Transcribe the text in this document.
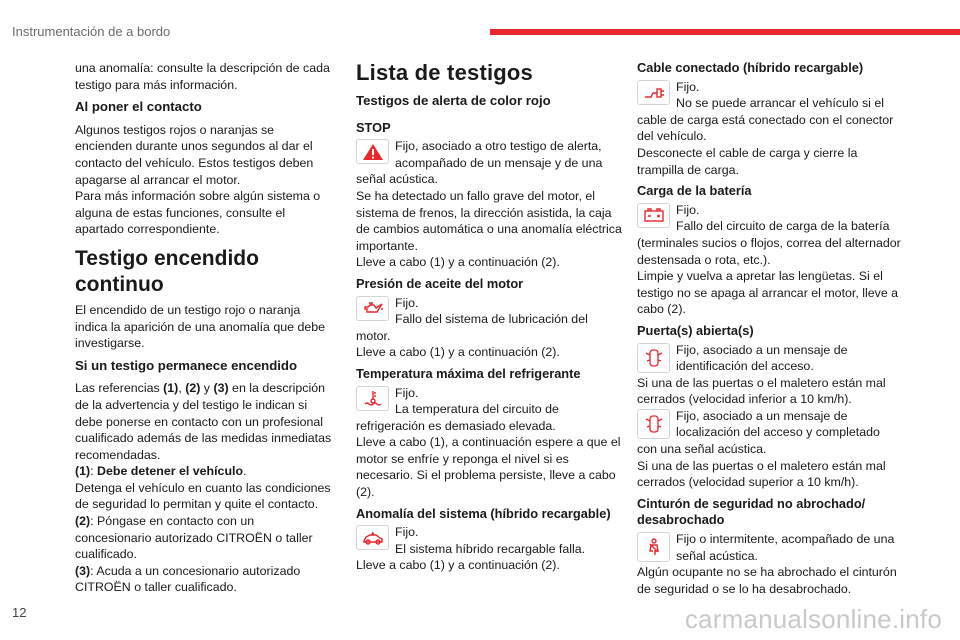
Instrumentación de a bordo

una anomalía: consulte la descripción de cada testigo para más información.

Al poner el contacto

Algunos testigos rojos o naranjas se encienden durante unos segundos al dar el contacto del vehículo. Estos testigos deben apagarse al arrancar el motor.

Para más información sobre algún sistema o alguna de estas funciones, consulte el apartado correspondiente.

Testigo encendido continuo

El encendido de un testigo rojo o naranja indica la aparición de una anomalía que debe investigarse.

Si un testigo permanece encendido

Las referencias (1), (2) y (3) en la descripción de la advertencia y del testigo le indican si debe ponerse en contacto con un profesional cualificado además de las medidas inmediatas recomendadas.

(1): Debe detener el vehículo.

Detenga el vehículo en cuanto las condiciones de seguridad lo permitan y quite el contacto.

(2): Póngase en contacto con un concesionario autorizado CITROËN o taller cualificado.

(3): Acuda a un concesionario autorizado CITROËN o taller cualificado.

Lista de testigos
Testigos de alerta de color rojo
STOP

Fijo, asociado a otro testigo de alerta, acompañado de un mensaje y de una señal acústica.

Se ha detectado un fallo grave del motor, el sistema de frenos, la dirección asistida, la caja de cambios automática o una anomalía eléctrica importante.

Lleve a cabo (1) y a continuación (2).

Presión de aceite del motor

Fijo.

Fallo del sistema de lubricación del motor.

Lleve a cabo (1) y a continuación (2).

Temperatura máxima del refrigerante

Fijo.

La temperatura del circuito de refrigeración es demasiado elevada.

Lleve a cabo (1), a continuación espere a que el motor se enfríe y reponga el nivel si es necesario. Si el problema persiste, lleve a cabo (2).

Anomalía del sistema (híbrido recargable)

Fijo.

El sistema híbrido recargable falla.

Lleve a cabo (1) y a continuación (2).

Cable conectado (híbrido recargable)

Fijo.

No se puede arrancar el vehículo si el cable de carga está conectado con el conector del vehículo.

Desconecte el cable de carga y cierre la trampilla de carga.

Carga de la batería

Fijo.

Fallo del circuito de carga de la batería (terminales sucios o flojos, correa del alternador destensada o rota, etc.).

Limpie y vuelva a apretar las lengüetas. Si el testigo no se apaga al arrancar el motor, lleve a cabo (2).

Puerta(s) abierta(s)

Fijo, asociado a un mensaje de identificación del acceso.

Si una de las puertas o el maletero están mal cerrados (velocidad inferior a 10 km/h).

Fijo, asociado a un mensaje de localización del acceso y completado con una señal acústica.

Si una de las puertas o el maletero están mal cerrados (velocidad superior a 10 km/h).

Cinturón de seguridad no abrochado/ desabrochado

Fijo o intermitente, acompañado de una señal acústica.

Algún ocupante no se ha abrochado el cinturón de seguridad o se lo ha desabrochado.

12	carmanualsonline.info
